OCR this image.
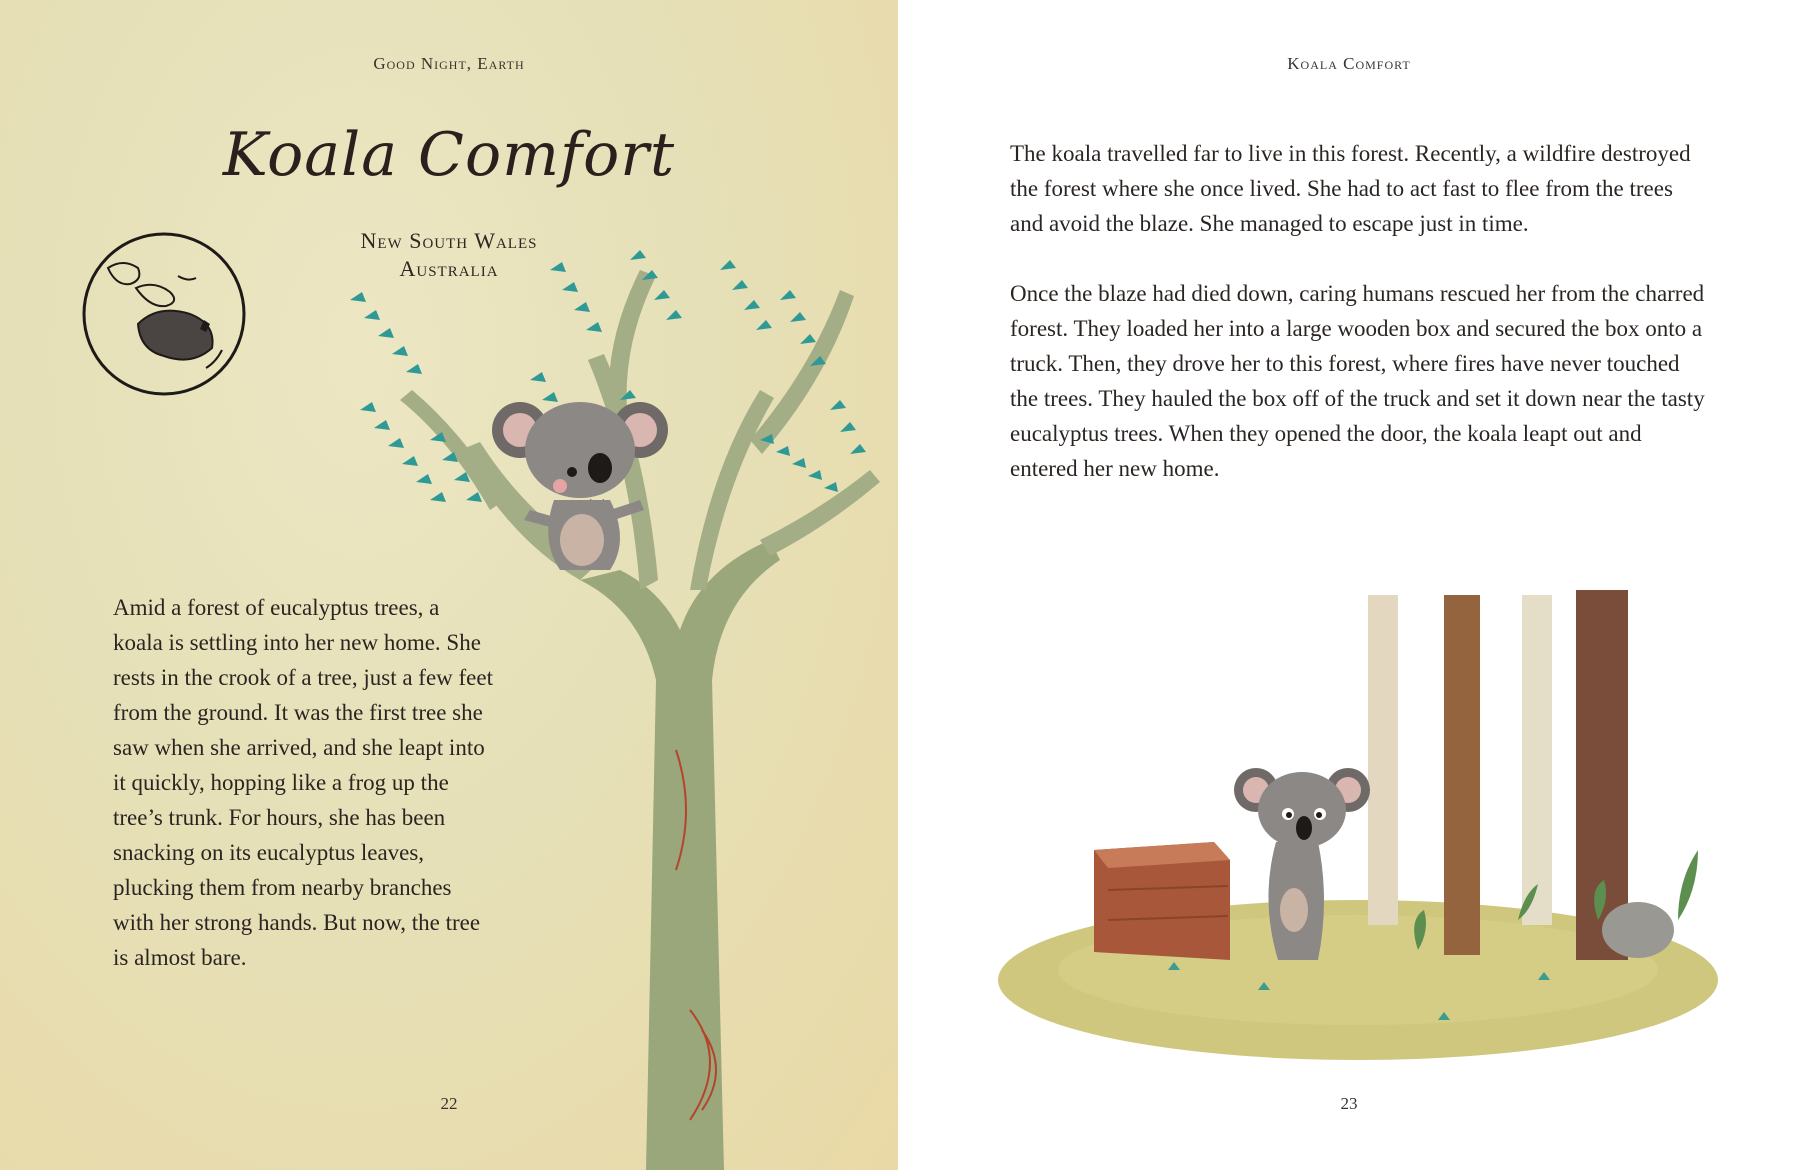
Good Night, Earth
Koala Comfort
New South Wales
Australia

Amid a forest of eucalyptus trees, a koala is settling into her new home. She rests in the crook of a tree, just a few feet from the ground. It was the first tree she saw when she arrived, and she leapt into it quickly, hopping like a frog up the tree’s trunk. For hours, she has been snacking on its eucalyptus leaves, plucking them from nearby branches with her strong hands. But now, the tree is almost bare.

22
Koala Comfort

The koala travelled far to live in this forest. Recently, a wildfire destroyed the forest where she once lived. She had to act fast to flee from the trees and avoid the blaze. She managed to escape just in time.

Once the blaze had died down, caring humans rescued her from the charred forest. They loaded her into a large wooden box and secured the box onto a truck. Then, they drove her to this forest, where fires have never touched the trees. They hauled the box off of the truck and set it down near the tasty eucalyptus trees. When they opened the door, the koala leapt out and entered her new home.

23
